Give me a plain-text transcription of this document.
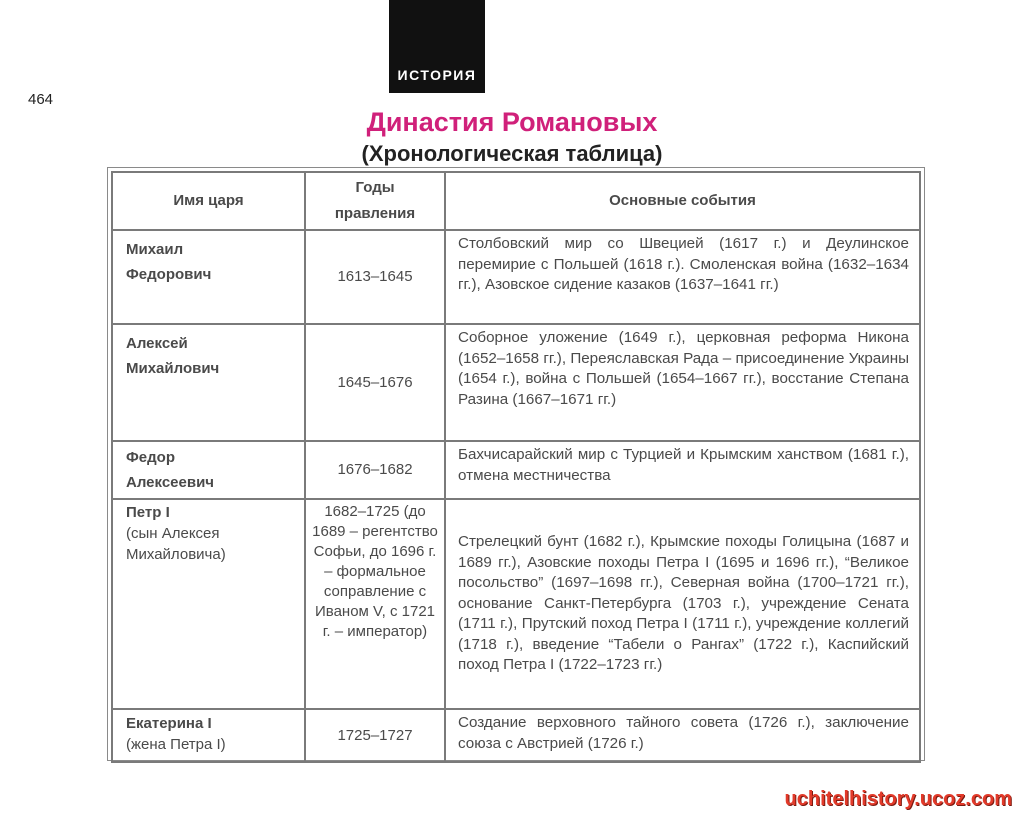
ИСТОРИЯ
464
Династия Романовых
(Хронологическая таблица)
Имя царя	Годы правления	Основные события

Михаил Федорович	1613–1645	Столбовский мир со Швецией (1617 г.) и Деулинское перемирие с Польшей (1618 г.). Смоленская война (1632–1634 гг.), Азовское сидение казаков (1637–1641 гг.)

Алексей Михайлович	1645–1676	Соборное уложение (1649 г.), церковная реформа Никона (1652–1658 гг.), Переяславская Рада – присоединение Украины (1654 г.), война с Польшей (1654–1667 гг.), восстание Степана Разина (1667–1671 гг.)

Федор Алексеевич	1676–1682	Бахчисарайский мир с Турцией и Крымским ханством (1681 г.), отмена местничества

Петр I
(сын Алексея Михайловича)	1682–1725 (до 1689 – регентство Софьи, до 1696 г. – формальное соправление с Иваном V, с 1721 г. – император)	Стрелецкий бунт (1682 г.), Крымские походы Голицына (1687 и 1689 гг.), Азовские походы Петра I (1695 и 1696 гг.), “Великое посольство” (1697–1698 гг.), Северная война (1700–1721 гг.), основание Санкт-Петербурга (1703 г.), учреждение Сената (1711 г.), Прутский поход Петра I (1711 г.), учреждение коллегий (1718 г.), введение “Табели о Рангах” (1722 г.), Каспийский поход Петра I (1722–1723 гг.)

Екатерина I
(жена Петра I)	1725–1727	Создание верховного тайного совета (1726 г.), заключение союза с Австрией (1726 г.)
uchitelhistory.ucoz.com
